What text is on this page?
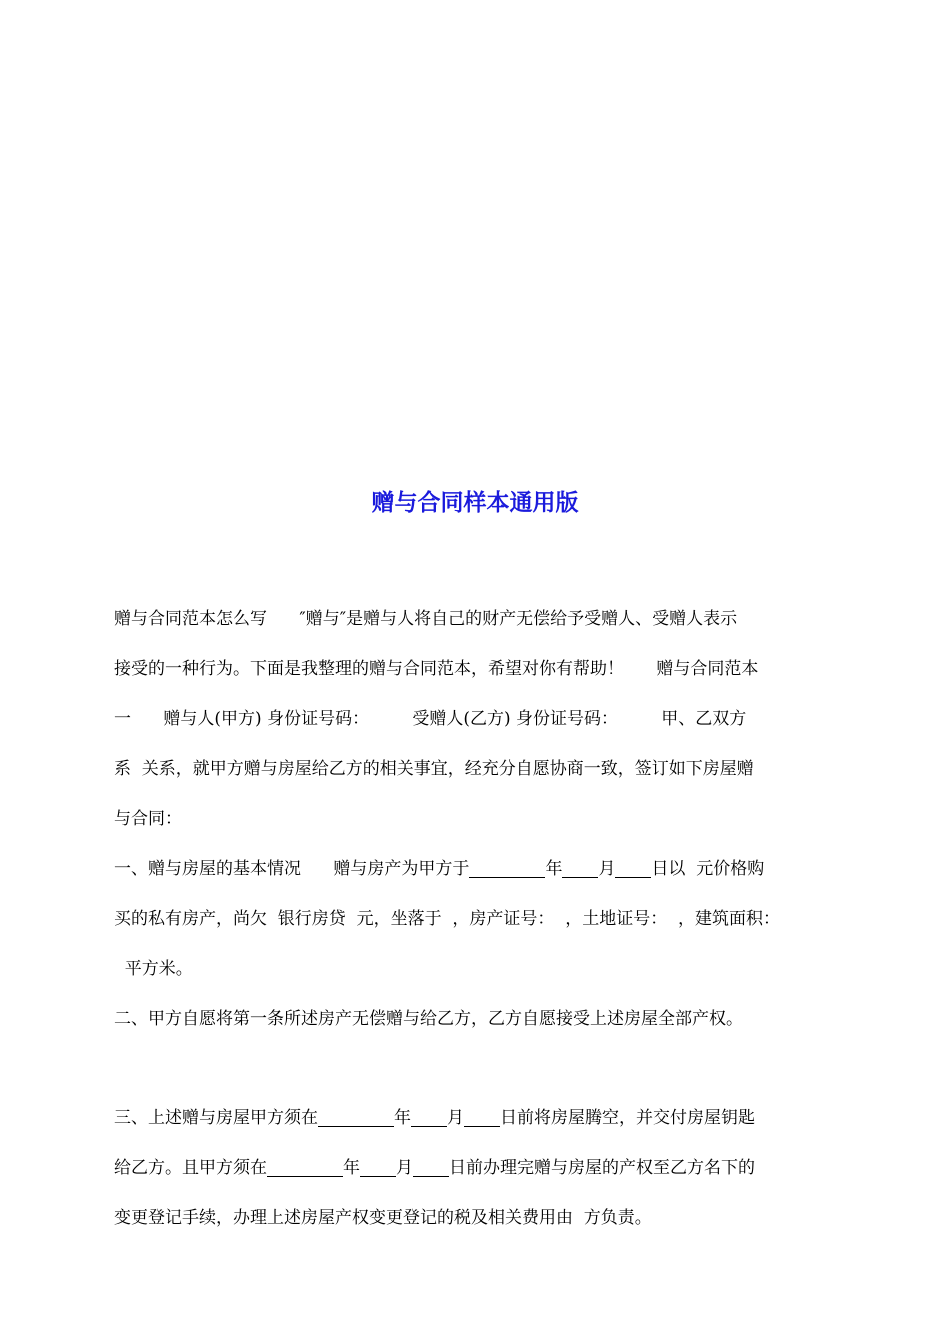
赠与合同样本通用版
赠与合同范本怎么写      ″赠与″是赠与人将自己的财产无偿给予受赠人、受赠人表示
接受的一种行为。下面是我整理的赠与合同范本，希望对你有帮助！      赠与合同范本
一      赠与人(甲方) 身份证号码：        受赠人(乙方) 身份证号码：        甲、乙双方
系  关系，就甲方赠与房屋给乙方的相关事宜，经充分自愿协商一致，签订如下房屋赠
与合同：
一、赠与房屋的基本情况      赠与房产为甲方于	年 月 日以  元价格购
买的私有房产，尚欠  银行房贷  元，坐落于  ，房产证号：  ，土地证号：  ，建筑面积：
平方米。
二、甲方自愿将第一条所述房产无偿赠与给乙方，乙方自愿接受上述房屋全部产权。
三、上述赠与房屋甲方须在	年 月 日前将房屋腾空，并交付房屋钥匙
给乙方。且甲方须在	年 月 日前办理完赠与房屋的产权至乙方名下的
变更登记手续，办理上述房屋产权变更登记的税及相关费用由  方负责。
